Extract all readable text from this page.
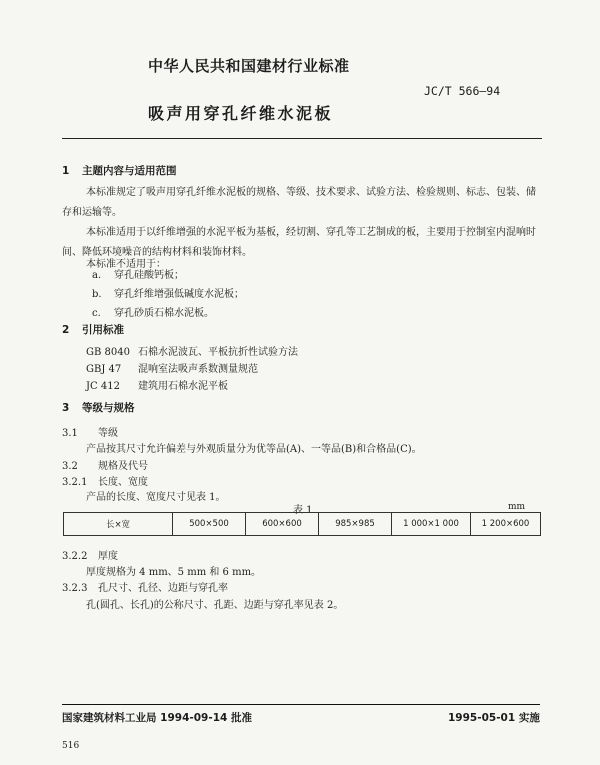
中华人民共和国建材行业标准
JC/T 566—94
吸声用穿孔纤维水泥板
1 主题内容与适用范围
本标准规定了吸声用穿孔纤维水泥板的规格、等级、技术要求、试验方法、检验规则、标志、包装、储存和运输等。
本标准适用于以纤维增强的水泥平板为基板，经切割、穿孔等工艺制成的板，主要用于控制室内混响时间、降低环境噪音的结构材料和装饰材料。
本标准不适用于：
a. 穿孔硅酸钙板；
b. 穿孔纤维增强低碱度水泥板；
c. 穿孔砂质石棉水泥板。
2 引用标准
GB 8040 石棉水泥波瓦、平板抗折性试验方法
GBJ 47 混响室法吸声系数测量规范
JC 412 建筑用石棉水泥平板
3 等级与规格
3.1 等级
产品按其尺寸允许偏差与外观质量分为优等品(A)、一等品(B)和合格品(C)。
3.2 规格及代号
3.2.1 长度、宽度
产品的长度、宽度尺寸见表 1。
表 1	mm
长×宽	500×500	600×600	985×985	1 000×1 000	1 200×600
3.2.2 厚度
厚度规格为 4 mm、5 mm 和 6 mm。
3.2.3 孔尺寸、孔径、边距与穿孔率
孔(圆孔、长孔)的公称尺寸、孔距、边距与穿孔率见表 2。
国家建筑材料工业局 1994-09-14 批准	1995-05-01 实施
516
